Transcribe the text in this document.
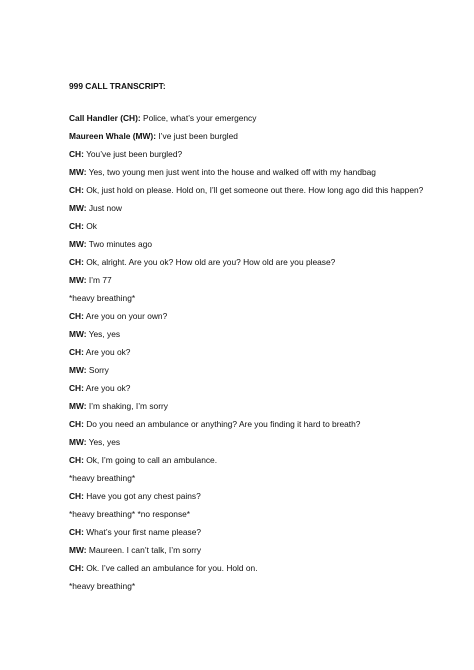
999 CALL TRANSCRIPT:
Call Handler (CH): Police, what’s your emergency
Maureen Whale (MW): I’ve just been burgled
CH: You’ve just been burgled?
MW: Yes, two young men just went into the house and walked off with my handbag
CH: Ok, just hold on please. Hold on, I’ll get someone out there. How long ago did this happen?
MW: Just now
CH: Ok
MW: Two minutes ago
CH: Ok, alright. Are you ok? How old are you? How old are you please?
MW: I’m 77
*heavy breathing*
CH: Are you on your own?
MW: Yes, yes
CH: Are you ok?
MW: Sorry
CH: Are you ok?
MW: I’m shaking, I’m sorry
CH: Do you need an ambulance or anything? Are you finding it hard to breath?
MW: Yes, yes
CH: Ok, I’m going to call an ambulance.
*heavy breathing*
CH: Have you got any chest pains?
*heavy breathing* *no response*
CH: What’s your first name please?
MW: Maureen. I can’t talk, I’m sorry
CH: Ok. I’ve called an ambulance for you. Hold on.
*heavy breathing*
